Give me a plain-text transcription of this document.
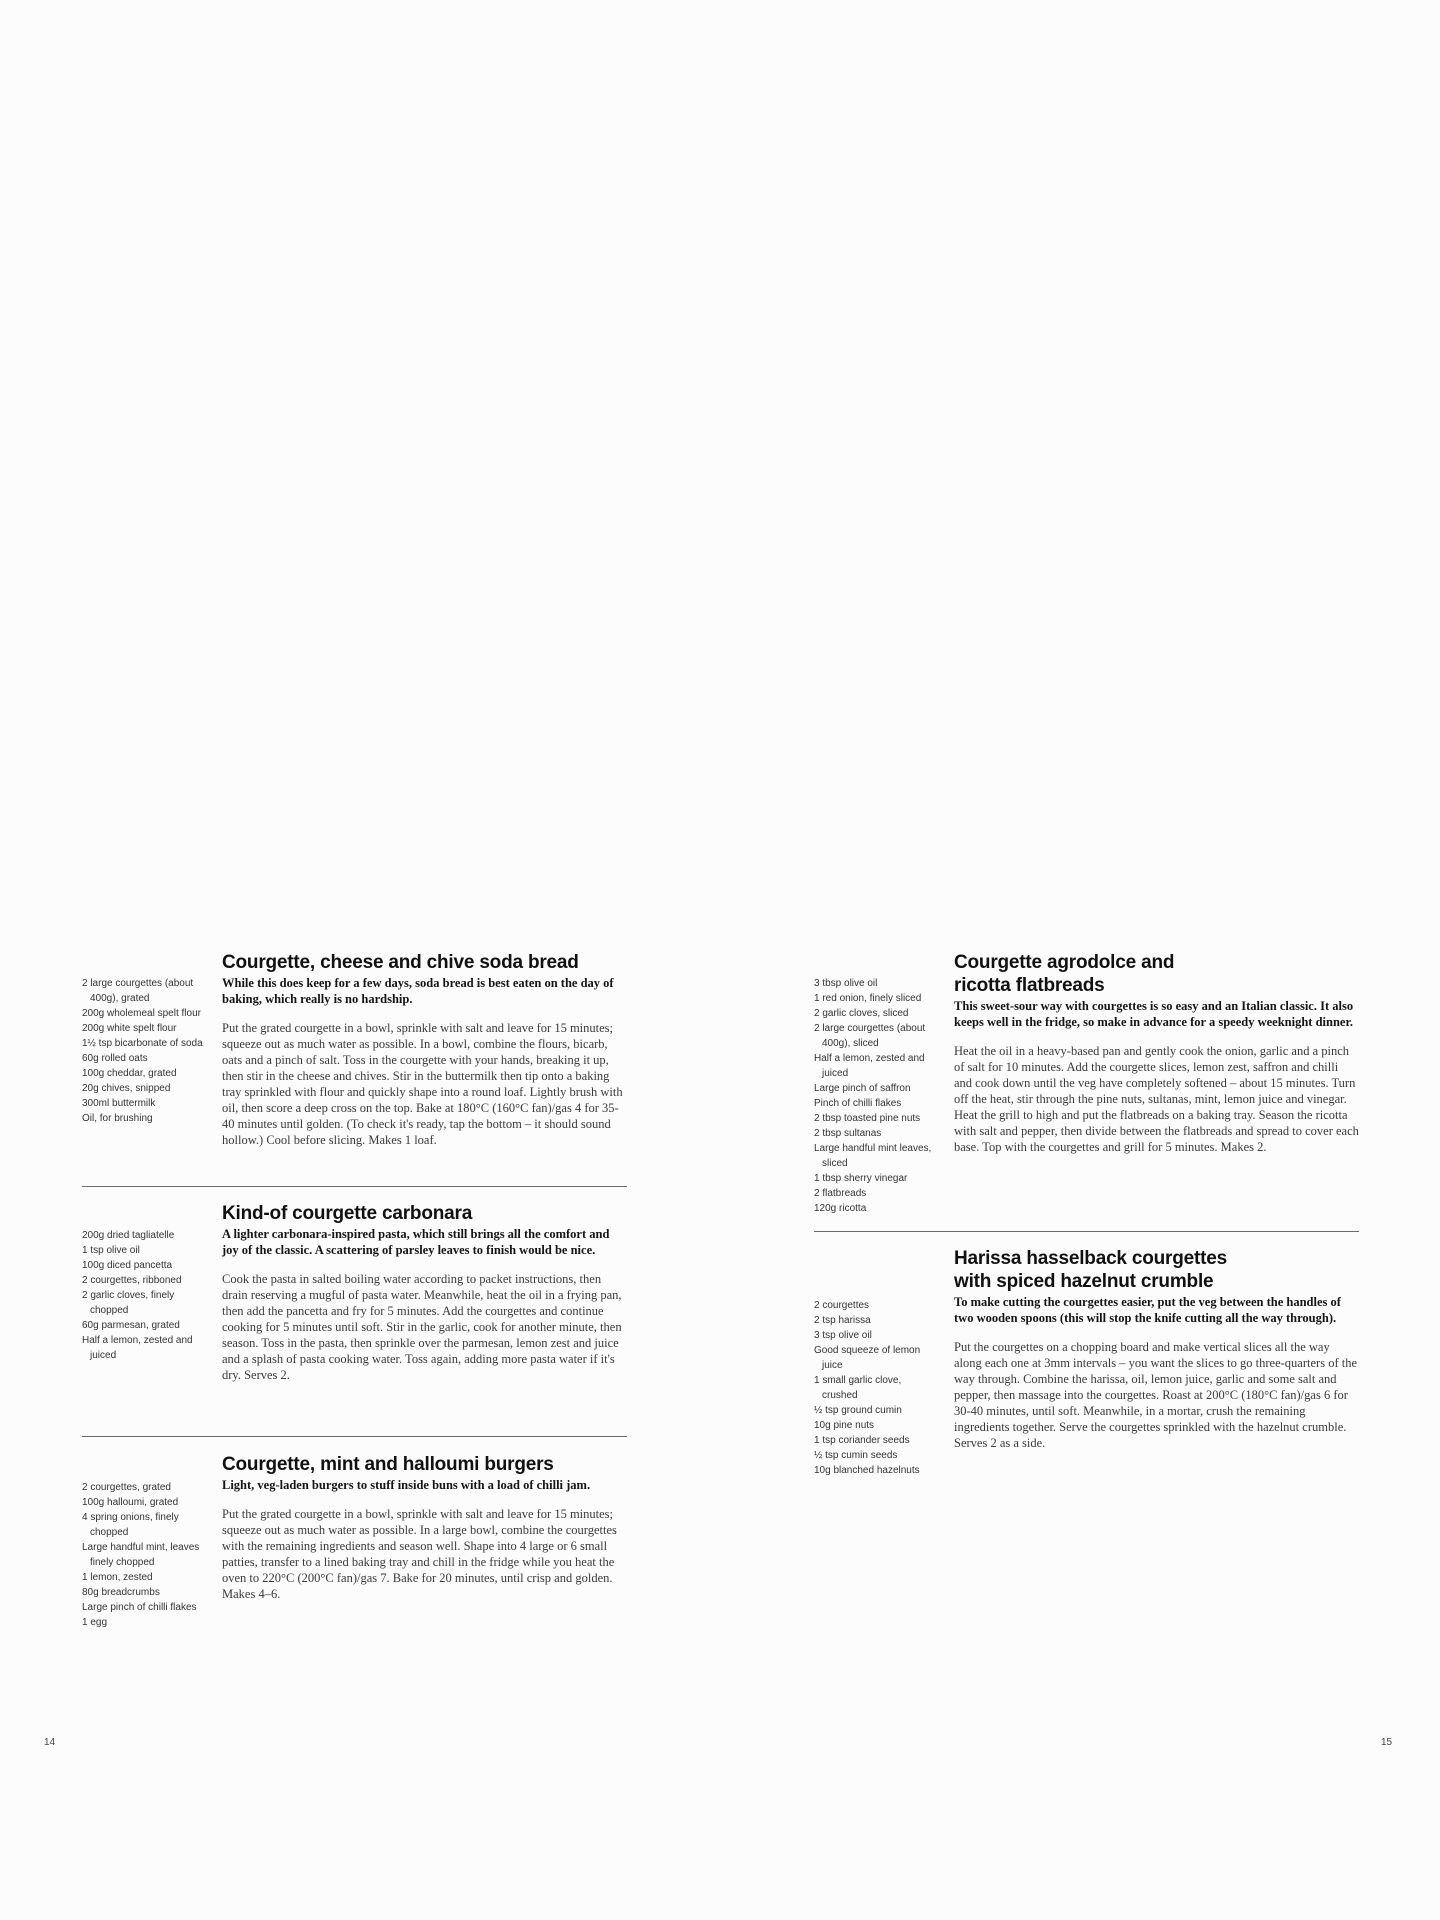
2 large courgettes (about 400g), grated
200g wholemeal spelt flour
200g white spelt flour
1½ tsp bicarbonate of soda
60g rolled oats
100g cheddar, grated
20g chives, snipped
300ml buttermilk
Oil, for brushing
Courgette, cheese and chive soda bread

While this does keep for a few days, soda bread is best eaten on the day of baking, which really is no hardship.

Put the grated courgette in a bowl, sprinkle with salt and leave for 15 minutes; squeeze out as much water as possible. In a bowl, combine the flours, bicarb, oats and a pinch of salt. Toss in the courgette with your hands, breaking it up, then stir in the cheese and chives. Stir in the buttermilk then tip onto a baking tray sprinkled with flour and quickly shape into a round loaf. Lightly brush with oil, then score a deep cross on the top. Bake at 180°C (160°C fan)/gas 4 for 35-40 minutes until golden. (To check it's ready, tap the bottom – it should sound hollow.) Cool before slicing. Makes 1 loaf.

200g dried tagliatelle
1 tsp olive oil
100g diced pancetta
2 courgettes, ribboned
2 garlic cloves, finely chopped
60g parmesan, grated
Half a lemon, zested and juiced
Kind-of courgette carbonara

A lighter carbonara-inspired pasta, which still brings all the comfort and joy of the classic. A scattering of parsley leaves to finish would be nice.

Cook the pasta in salted boiling water according to packet instructions, then drain reserving a mugful of pasta water. Meanwhile, heat the oil in a frying pan, then add the pancetta and fry for 5 minutes. Add the courgettes and continue cooking for 5 minutes until soft. Stir in the garlic, cook for another minute, then season. Toss in the pasta, then sprinkle over the parmesan, lemon zest and juice and a splash of pasta cooking water. Toss again, adding more pasta water if it's dry. Serves 2.

2 courgettes, grated
100g halloumi, grated
4 spring onions, finely chopped
Large handful mint, leaves finely chopped
1 lemon, zested
80g breadcrumbs
Large pinch of chilli flakes
1 egg
Courgette, mint and halloumi burgers

Light, veg-laden burgers to stuff inside buns with a load of chilli jam.

Put the grated courgette in a bowl, sprinkle with salt and leave for 15 minutes; squeeze out as much water as possible. In a large bowl, combine the courgettes with the remaining ingredients and season well. Shape into 4 large or 6 small patties, transfer to a lined baking tray and chill in the fridge while you heat the oven to 220°C (200°C fan)/gas 7. Bake for 20 minutes, until crisp and golden. Makes 4–6.

14
3 tbsp olive oil
1 red onion, finely sliced
2 garlic cloves, sliced
2 large courgettes (about 400g), sliced
Half a lemon, zested and juiced
Large pinch of saffron
Pinch of chilli flakes
2 tbsp toasted pine nuts
2 tbsp sultanas
Large handful mint leaves, sliced
1 tbsp sherry vinegar
2 flatbreads
120g ricotta
Courgette agrodolce and ricotta flatbreads

This sweet-sour way with courgettes is so easy and an Italian classic. It also keeps well in the fridge, so make in advance for a speedy weeknight dinner.

Heat the oil in a heavy-based pan and gently cook the onion, garlic and a pinch of salt for 10 minutes. Add the courgette slices, lemon zest, saffron and chilli and cook down until the veg have completely softened – about 15 minutes. Turn off the heat, stir through the pine nuts, sultanas, mint, lemon juice and vinegar. Heat the grill to high and put the flatbreads on a baking tray. Season the ricotta with salt and pepper, then divide between the flatbreads and spread to cover each base. Top with the courgettes and grill for 5 minutes. Makes 2.

2 courgettes
2 tsp harissa
3 tsp olive oil
Good squeeze of lemon juice
1 small garlic clove, crushed
½ tsp ground cumin
10g pine nuts
1 tsp coriander seeds
½ tsp cumin seeds
10g blanched hazelnuts
Harissa hasselback courgettes with spiced hazelnut crumble

To make cutting the courgettes easier, put the veg between the handles of two wooden spoons (this will stop the knife cutting all the way through).

Put the courgettes on a chopping board and make vertical slices all the way along each one at 3mm intervals – you want the slices to go three-quarters of the way through. Combine the harissa, oil, lemon juice, garlic and some salt and pepper, then massage into the courgettes. Roast at 200°C (180°C fan)/gas 6 for 30-40 minutes, until soft. Meanwhile, in a mortar, crush the remaining ingredients together. Serve the courgettes sprinkled with the hazelnut crumble. Serves 2 as a side.

15
